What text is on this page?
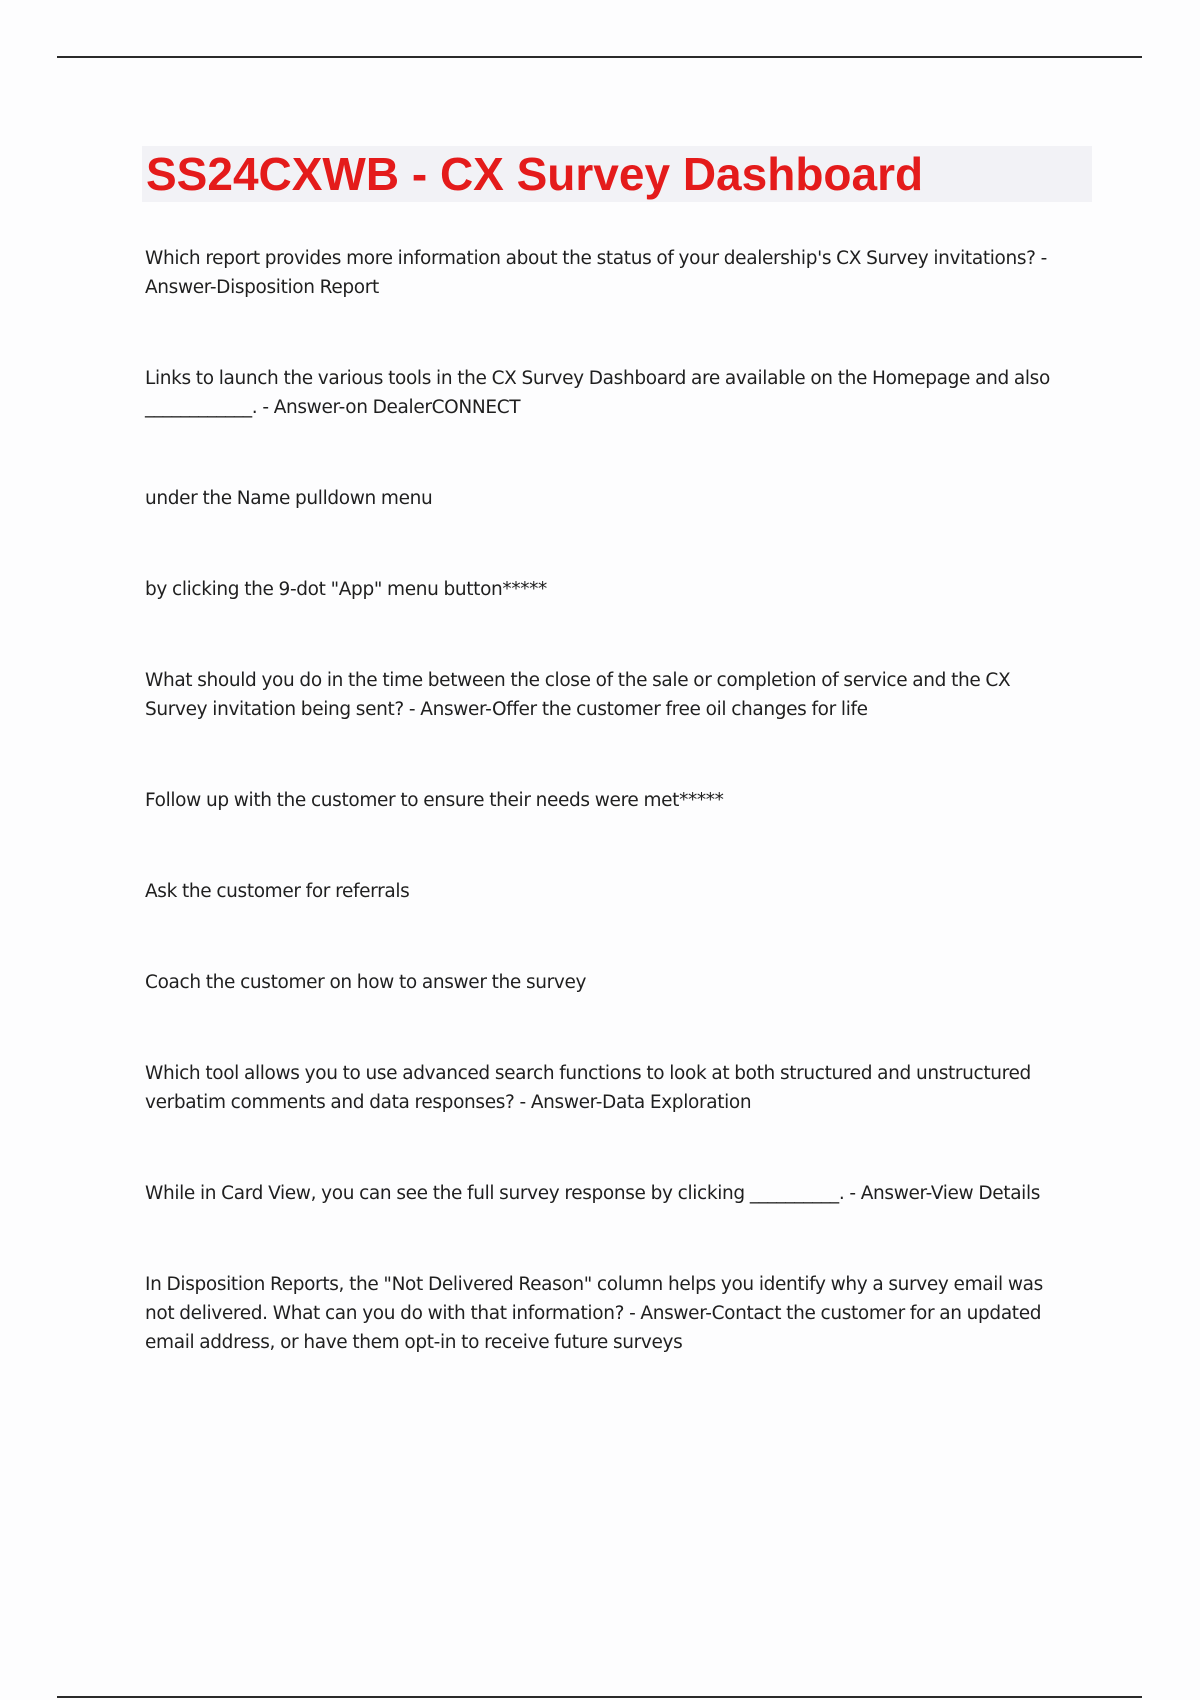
SS24CXWB - CX Survey Dashboard
Which report provides more information about the status of your dealership's CX Survey invitations? - Answer-Disposition Report
Links to launch the various tools in the CX Survey Dashboard are available on the Homepage and also ____________. - Answer-on DealerCONNECT
under the Name pulldown menu
by clicking the 9-dot "App" menu button*****
What should you do in the time between the close of the sale or completion of service and the CX Survey invitation being sent? - Answer-Offer the customer free oil changes for life
Follow up with the customer to ensure their needs were met*****
Ask the customer for referrals
Coach the customer on how to answer the survey
Which tool allows you to use advanced search functions to look at both structured and unstructured verbatim comments and data responses? - Answer-Data Exploration
While in Card View, you can see the full survey response by clicking __________. - Answer-View Details
In Disposition Reports, the "Not Delivered Reason" column helps you identify why a survey email was not delivered. What can you do with that information? - Answer-Contact the customer for an updated email address, or have them opt-in to receive future surveys
